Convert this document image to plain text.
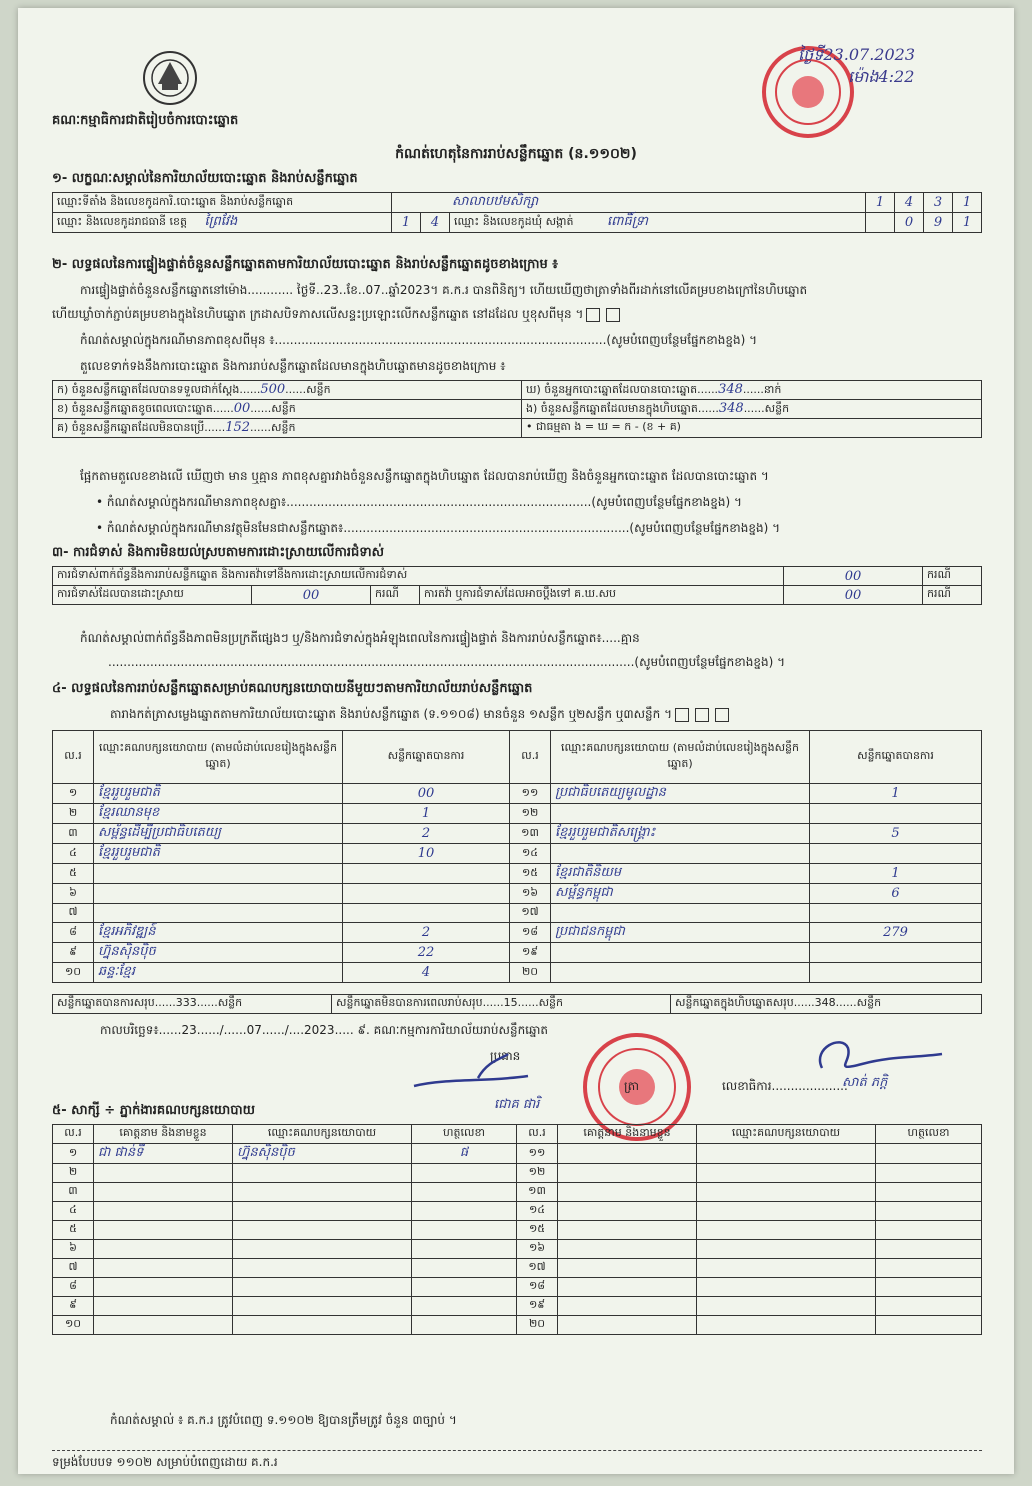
គណៈកម្មាធិការជាតិរៀបចំការបោះឆ្នោត
ថ្ងៃទី23.07.2023
ម៉ោង4:22
កំណត់ហេតុនៃការរាប់សន្លឹកឆ្នោត (ន.១១០២)
១- លក្ខណៈសម្គាល់នៃការិយាល័យបោះឆ្នោត និងរាប់សន្លឹកឆ្នោត
ឈ្មោះទីតាំង និងលេខកូដការិ.បោះឆ្នោត និងរាប់សន្លឹកឆ្នោត	សាលាបឋមសិក្សា			1	4	3	1
ឈ្មោះ និងលេខកូដរាជធានី ខេត្ត ព្រៃវែង	1	4	ឈ្មោះ និងលេខកូដឃុំ សង្កាត់ ពោធិ៍ទ្រា		0	9	1
២- លទ្ធផលនៃការផ្ទៀងផ្ទាត់ចំនួនសន្លឹកឆ្នោតតាមការិយាល័យបោះឆ្នោត និងរាប់សន្លឹកឆ្នោតដូចខាងក្រោម ៖
ការផ្ទៀងផ្ទាត់ចំនួនសន្លឹកឆ្នោតនៅម៉ោង............ ថ្ងៃទី..23..ខែ..07..ឆ្នាំ2023។ គ.ក.រ បានពិនិត្យ។ ហើយឃើញថាត្រាទាំងពីរដាក់នៅលើគម្របខាងក្រៅនៃហិបឆ្នោត
ហើយឃ្លាំចាក់ភ្ជាប់គម្របខាងក្នុងនៃហិបឆ្នោត ក្រដាសបិទភាសលើសន្ទះប្រឡោះលើកសន្លឹកឆ្នោត នៅដដែល ឬខុសពីមុន ។
កំណត់សម្គាល់ក្នុងករណីមានភាពខុសពីមុន ៖.......................................................................................(សូមបំពេញបន្ថែមផ្នែកខាងខ្នង) ។
តួលេខទាក់ទងនឹងការបោះឆ្នោត និងការរាប់សន្លឹកឆ្នោតដែលមានក្នុងហិបឆ្នោតមានដូចខាងក្រោម ៖
ក) ចំនួនសន្លឹកឆ្នោតដែលបានទទួលជាក់ស្តែង......500......សន្លឹក	ឃ) ចំនួនអ្នកបោះឆ្នោតដែលបានបោះឆ្នោត......348......នាក់
ខ) ចំនួនសន្លឹកឆ្នោតខូចពេលបោះឆ្នោត......00......សន្លឹក	ង) ចំនួនសន្លឹកឆ្នោតដែលមានក្នុងហិបឆ្នោត......348......សន្លឹក
គ) ចំនួនសន្លឹកឆ្នោតដែលមិនបានប្រើ......152......សន្លឹក	• ជាធម្មតា ង = ឃ = ក - (ខ + គ)
ផ្អែកតាមតួលេខខាងលើ ឃើញថា មាន ឬគ្មាន ភាពខុសគ្នារវាងចំនួនសន្លឹកឆ្នោតក្នុងហិបឆ្នោត ដែលបានរាប់ឃើញ និងចំនួនអ្នកបោះឆ្នោត ដែលបានបោះឆ្នោត ។
• កំណត់សម្គាល់ក្នុងករណីមានភាពខុសគ្នា៖................................................................................(សូមបំពេញបន្ថែមផ្នែកខាងខ្នង) ។
• កំណត់សម្គាល់ក្នុងករណីមានវត្ថុមិនមែនជាសន្លឹកឆ្នោត៖...........................................................................(សូមបំពេញបន្ថែមផ្នែកខាងខ្នង) ។
៣- ការជំទាស់ និងការមិនយល់ស្របតាមការដោះស្រាយលើការជំទាស់
ការជំទាស់ពាក់ព័ន្ធនឹងការរាប់សន្លឹកឆ្នោត និងការតវ៉ាទៅនឹងការដោះស្រាយលើការជំទាស់				00	ករណី
ការជំទាស់ដែលបានដោះស្រាយ	00	ករណី	ការតវ៉ា ឬការជំទាស់ដែលអាចប្តឹងទៅ គ.ឃ.សប	00	ករណី
កំណត់សម្គាល់ពាក់ព័ន្ធនឹងភាពមិនប្រក្រតីផ្សេងៗ ឬ/និងការជំទាស់ក្នុងអំឡុងពេលនៃការផ្ទៀងផ្ទាត់ និងការរាប់សន្លឹកឆ្នោត៖.....គ្មាន
..........................................................................................................................................(សូមបំពេញបន្ថែមផ្នែកខាងខ្នង) ។
៤- លទ្ធផលនៃការរាប់សន្លឹកឆ្នោតសម្រាប់គណបក្សនយោបាយនីមួយៗតាមការិយាល័យរាប់សន្លឹកឆ្នោត
តារាងកត់ត្រាសម្លេងឆ្នោតតាមការិយាល័យបោះឆ្នោត និងរាប់សន្លឹកឆ្នោត (ទ.១១០៨) មានចំនួន ១សន្លឹក ឬ២សន្លឹក ឬ៣សន្លឹក ។
ល.រ	ឈ្មោះគណបក្សនយោបាយ (តាមលំដាប់លេខរៀងក្នុងសន្លឹកឆ្នោត)	សន្លឹកឆ្នោតបានការ	ល.រ	ឈ្មោះគណបក្សនយោបាយ (តាមលំដាប់លេខរៀងក្នុងសន្លឹកឆ្នោត)	សន្លឹកឆ្នោតបានការ
១	ខ្មែររួបរួមជាតិ	00	១១	ប្រជាធិបតេយ្យមូលដ្ឋាន	1
២	ខ្មែរឈានមុខ	1	១២		
៣	សម្ព័ន្ធដើម្បីប្រជាធិបតេយ្យ	2	១៣	ខ្មែររួបរួមជាតិសង្គ្រោះ	5
៤	ខ្មែររួបរួមជាតិ	10	១៤		
៥			១៥	ខ្មែរជាតិនិយម	1
៦			១៦	សម្ព័ន្ធកម្ពុជា	6
៧			១៧		
៨	ខ្មែរអភិវឌ្ឍន៍	2	១៨	ប្រជាជនកម្ពុជា	279
៩	ហ្វ៊ុនស៊ិនប៉ិច	22	១៩		
១០	ឆន្ទៈខ្មែរ	4	២០		
សន្លឹកឆ្នោតបានការសរុប......333......សន្លឹក	សន្លឹកឆ្នោតមិនបានការពេលរាប់សរុប......15......សន្លឹក	សន្លឹកឆ្នោតក្នុងហិបឆ្នោតសរុប......348......សន្លឹក
កាលបរិច្ឆេទ៖......23....../......07....../....2023..... ៩. គណៈកម្មការការិយាល័យរាប់សន្លឹកឆ្នោត
ប្រធាន
ជោគ ផារិ
ត្រា	លេខាធិការ....................
សាត់ ភក្តិ
៥- សាក្សី ÷ ភ្នាក់ងារគណបក្សនយោបាយ
ល.រ	គោត្តនាម និងនាមខ្លួន	ឈ្មោះគណបក្សនយោបាយ	ហត្ថលេខា	ល.រ	គោត្តនាម និងនាមខ្លួន	ឈ្មោះគណបក្សនយោបាយ	ហត្ថលេខា
១	ជា ផាន់ទី	ហ្វ៊ុនស៊ិនប៉ិច	ផ	១១			
២				១២			
៣				១៣			
៤				១៤			
៥				១៥			
៦				១៦			
៧				១៧			
៨				១៨			
៩				១៩			
១០				២០			
កំណត់សម្គាល់ ៖ គ.ក.រ ត្រូវបំពេញ ទ.១១០២ ឱ្យបានត្រឹមត្រូវ ចំនួន ៣ច្បាប់ ។
ទម្រង់បែបបទ ១១០២ សម្រាប់បំពេញដោយ គ.ក.រ
